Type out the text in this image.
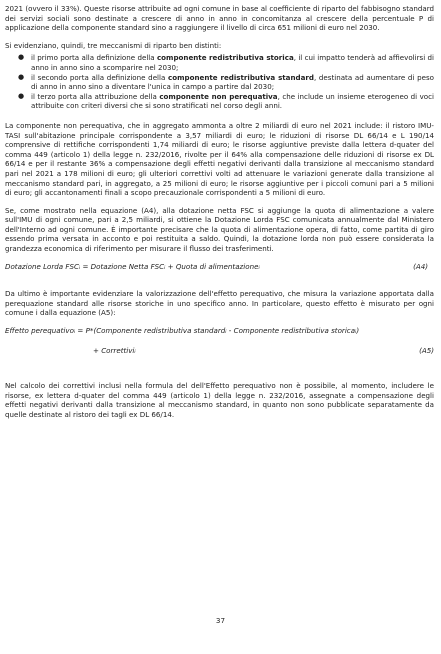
2021 (ovvero il 33%). Queste risorse attribuite ad ogni comune in base al coefficiente di riparto del fabbisogno standard dei servizi sociali sono destinate a crescere di anno in anno in concomitanza al crescere della percentuale P di applicazione della componente standard sino a raggiungere il livello di circa 651 milioni di euro nel 2030.

Si evidenziano, quindi, tre meccanismi di riparto ben distinti:

● il primo porta alla definizione della componente redistributiva storica, il cui impatto tenderà ad affievolirsi di anno in anno sino a scomparire nel 2030;
● il secondo porta alla definizione della componente redistributiva standard, destinata ad aumentare di peso di anno in anno sino a diventare l'unica in campo a partire dal 2030;
● il terzo porta alla attribuzione della componente non perequativa, che include un insieme eterogeneo di voci attribuite con criteri diversi che si sono stratificati nel corso degli anni.

La componente non perequativa, che in aggregato ammonta a oltre 2 miliardi di euro nel 2021 include: il ristoro IMU-TASI sull'abitazione principale corrispondente a 3,57 miliardi di euro; le riduzioni di risorse DL 66/14 e L 190/14 comprensive di rettifiche corrispondenti 1,74 miliardi di euro; le risorse aggiuntive previste dalla lettera d-quater del comma 449 (articolo 1) della legge n. 232/2016, rivolte per il 64% alla compensazione delle riduzioni di risorse ex DL 66/14 e per il restante 36% a compensazione degli effetti negativi derivanti dalla transizione al meccanismo standard pari nel 2021 a 178 milioni di euro; gli ulteriori correttivi volti ad attenuare le variazioni generate dalla transizione al meccanismo standard pari, in aggregato, a 25 milioni di euro; le risorse aggiuntive per i piccoli comuni pari a 5 milioni di euro; gli accantonamenti finali a scopo precauzionale corrispondenti a 5 milioni di euro.

Se, come mostrato nella equazione (A4), alla dotazione netta FSC si aggiunge la quota di alimentazione a valere sull'IMU di ogni comune, pari a 2,5 miliardi, si ottiene la Dotazione Lorda FSC comunicata annualmente dal Ministero dell'Interno ad ogni comune. È importante precisare che la quota di alimentazione opera, di fatto, come partita di giro essendo prima versata in acconto e poi restituita a saldo. Quindi, la dotazione lorda non può essere considerata la grandezza economica di riferimento per misurare il flusso dei trasferimenti.

Dotazione Lorda FSCᵢ = Dotazione Netta FSCᵢ + Quota di alimentazioneᵢ	(A4)

Da ultimo è importante evidenziare la valorizzazione dell'effetto perequativo, che misura la variazione apportata dalla perequazione standard alle risorse storiche in uno specifico anno. In particolare, questo effetto è misurato per ogni comune i dalla equazione (A5):

Effetto perequativoᵢ = P*(Componente redistributiva standardᵢ - Componente redistributiva storicaᵢ)
+ Correttiviᵢ	(A5)

Nel calcolo dei correttivi inclusi nella formula del dell'Effetto perequativo non è possibile, al momento, includere le risorse, ex lettera d-quater del comma 449 (articolo 1) della legge n. 232/2016, assegnate a compensazione degli effetti negativi derivanti dalla transizione al meccanismo standard, in quanto non sono pubblicate separatamente da quelle destinate al ristoro dei tagli ex DL 66/14.

37
